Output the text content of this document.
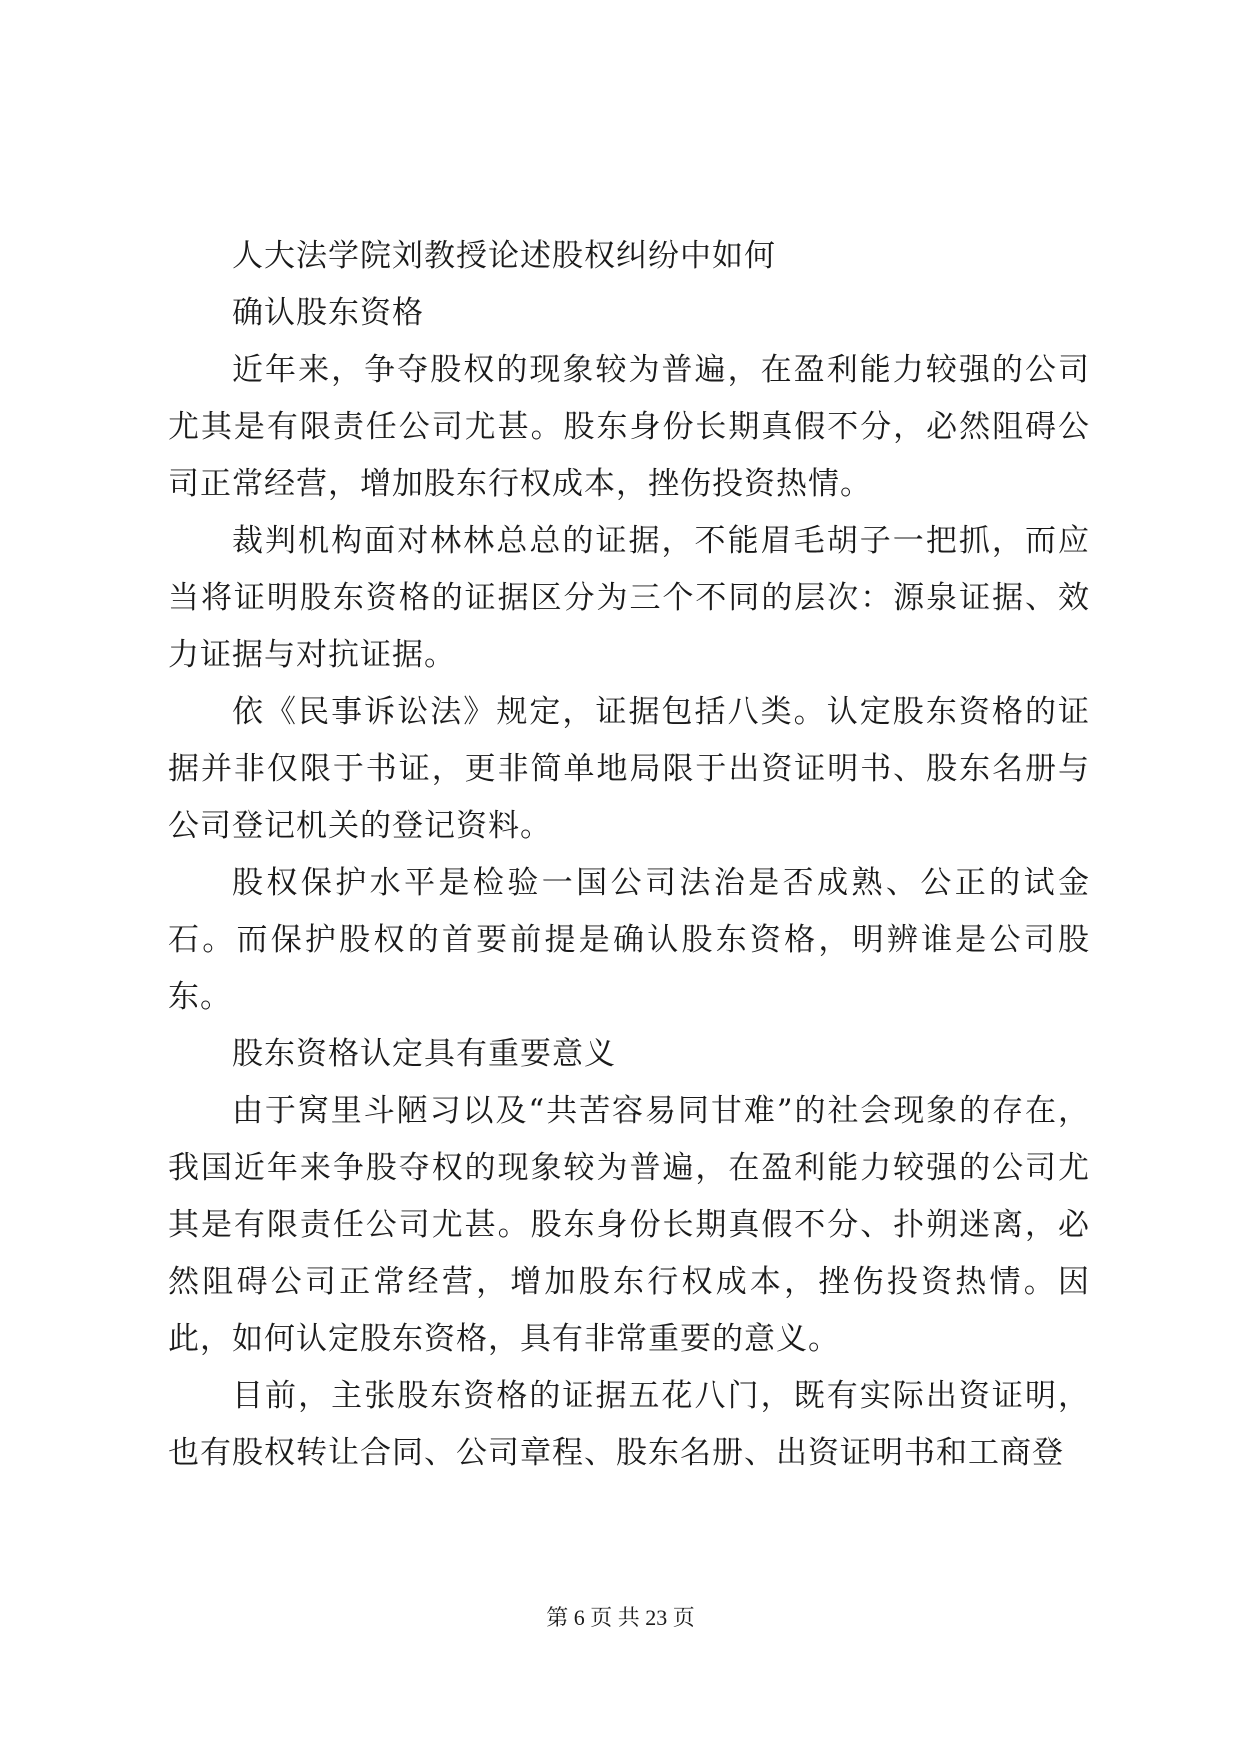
人大法学院刘教授论述股权纠纷中如何

确认股东资格

近年来，争夺股权的现象较为普遍，在盈利能力较强的公司尤其是有限责任公司尤甚。股东身份长期真假不分，必然阻碍公司正常经营，增加股东行权成本，挫伤投资热情。

裁判机构面对林林总总的证据，不能眉毛胡子一把抓，而应当将证明股东资格的证据区分为三个不同的层次：源泉证据、效力证据与对抗证据。

依《民事诉讼法》规定，证据包括八类。认定股东资格的证据并非仅限于书证，更非简单地局限于出资证明书、股东名册与公司登记机关的登记资料。

股权保护水平是检验一国公司法治是否成熟、公正的试金石。而保护股权的首要前提是确认股东资格，明辨谁是公司股东。

股东资格认定具有重要意义

由于窝里斗陋习以及“共苦容易同甘难”的社会现象的存在，我国近年来争股夺权的现象较为普遍，在盈利能力较强的公司尤其是有限责任公司尤甚。股东身份长期真假不分、扑朔迷离，必然阻碍公司正常经营，增加股东行权成本，挫伤投资热情。因此，如何认定股东资格，具有非常重要的意义。

目前，主张股东资格的证据五花八门，既有实际出资证明，也有股权转让合同、公司章程、股东名册、出资证明书和工商登

第 6 页 共 23 页
